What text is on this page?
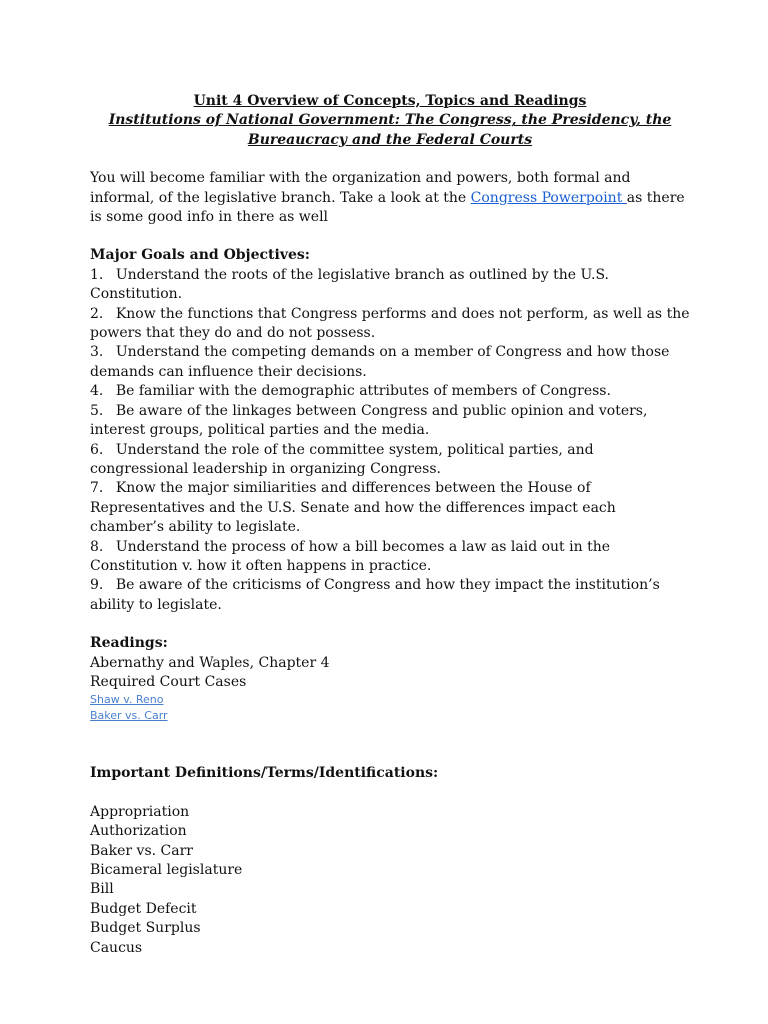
Unit 4 Overview of Concepts, Topics and Readings

Institutions of National Government: The Congress, the Presidency, the

Bureaucracy and the Federal Courts

You will become familiar with the organization and powers, both formal and informal, of the legislative branch. Take a look at the Congress Powerpoint as there is some good info in there as well

Major Goals and Objectives:

1. Understand the roots of the legislative branch as outlined by the U.S. Constitution.

2. Know the functions that Congress performs and does not perform, as well as the powers that they do and do not possess.

3. Understand the competing demands on a member of Congress and how those demands can influence their decisions.

4. Be familiar with the demographic attributes of members of Congress.

5. Be aware of the linkages between Congress and public opinion and voters, interest groups, political parties and the media.

6. Understand the role of the committee system, political parties, and congressional leadership in organizing Congress.

7. Know the major similiarities and differences between the House of Representatives and the U.S. Senate and how the differences impact each chamber’s ability to legislate.

8. Understand the process of how a bill becomes a law as laid out in the Constitution v. how it often happens in practice.

9. Be aware of the criticisms of Congress and how they impact the institution’s ability to legislate.

Readings:

Abernathy and Waples, Chapter 4

Required Court Cases

Shaw v. Reno
Baker vs. Carr

Important Definitions/Terms/Identifications:

Appropriation

Authorization

Baker vs. Carr

Bicameral legislature

Bill

Budget Defecit

Budget Surplus

Caucus
